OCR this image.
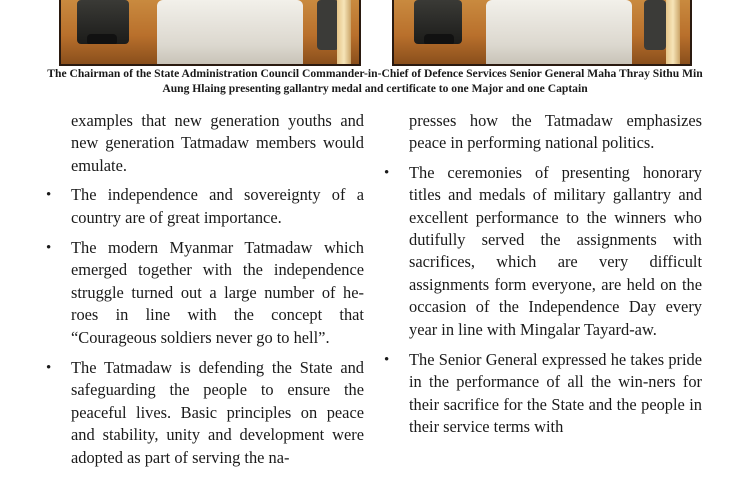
The Chairman of the State Administration Council Commander-in-Chief of Defence Services Senior General Maha Thray Sithu Min Aung Hlaing presenting gallantry medal and certificate to one Major and one Captain

examples that new generation youths and new generation Tatmadaw members would emulate.

• The independence and sovereignty of a country are of great importance.
• The modern Myanmar Tatmadaw which emerged together with the independence struggle turned out a large number of he-roes in line with the concept that “Courageous soldiers never go to hell”.
• The Tatmadaw is defending the State and safeguarding the people to ensure the peaceful lives. Basic principles on peace and stability, unity and development were adopted as part of serving the na-

presses how the Tatmadaw emphasizes peace in performing national politics.

• The ceremonies of presenting honorary titles and medals of military gallantry and excellent performance to the winners who dutifully served the assignments with sacrifices, which are very difficult assignments form everyone, are held on the occasion of the Independence Day every year in line with Mingalar Tayard-aw.
• The Senior General expressed he takes pride in the performance of all the win-ners for their sacrifice for the State and the people in their service terms with
